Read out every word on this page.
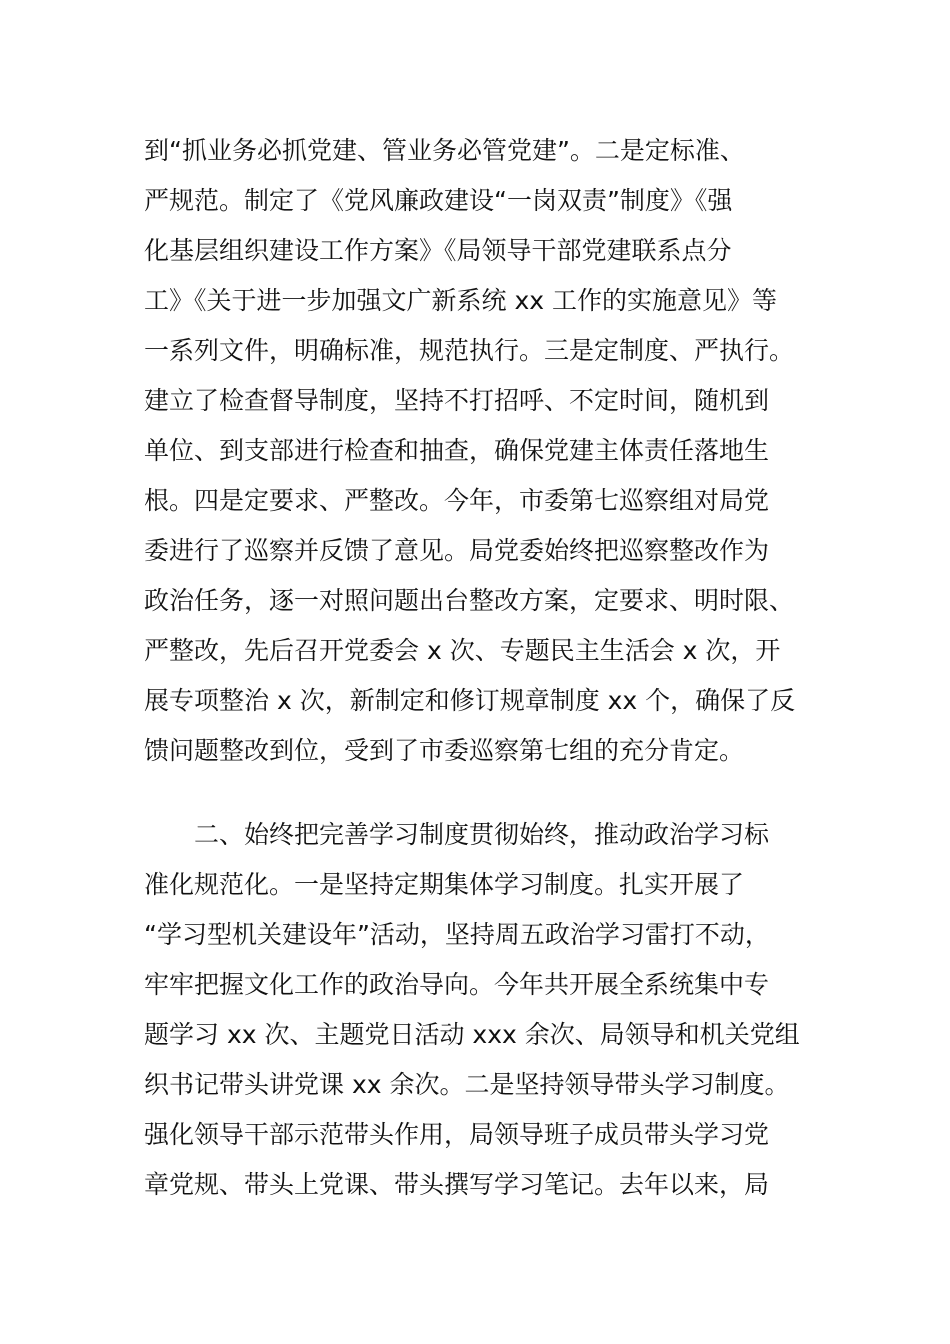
到“抓业务必抓党建、管业务必管党建”。二是定标准、
严规范。制定了《党风廉政建设“一岗双责”制度》《强
化基层组织建设工作方案》《局领导干部党建联系点分
工》《关于进一步加强文广新系统 xx 工作的实施意见》等
一系列文件，明确标准，规范执行。三是定制度、严执行。
建立了检查督导制度，坚持不打招呼、不定时间，随机到
单位、到支部进行检查和抽查，确保党建主体责任落地生
根。四是定要求、严整改。今年，市委第七巡察组对局党
委进行了巡察并反馈了意见。局党委始终把巡察整改作为
政治任务，逐一对照问题出台整改方案，定要求、明时限、
严整改，先后召开党委会 x 次、专题民主生活会 x 次，开
展专项整治 x 次，新制定和修订规章制度 xx 个，确保了反
馈问题整改到位，受到了市委巡察第七组的充分肯定。
二、始终把完善学习制度贯彻始终，推动政治学习标
准化规范化。一是坚持定期集体学习制度。扎实开展了
“学习型机关建设年”活动，坚持周五政治学习雷打不动，
牢牢把握文化工作的政治导向。今年共开展全系统集中专
题学习 xx 次、主题党日活动 xxx 余次、局领导和机关党组
织书记带头讲党课 xx 余次。二是坚持领导带头学习制度。
强化领导干部示范带头作用，局领导班子成员带头学习党
章党规、带头上党课、带头撰写学习笔记。去年以来，局
